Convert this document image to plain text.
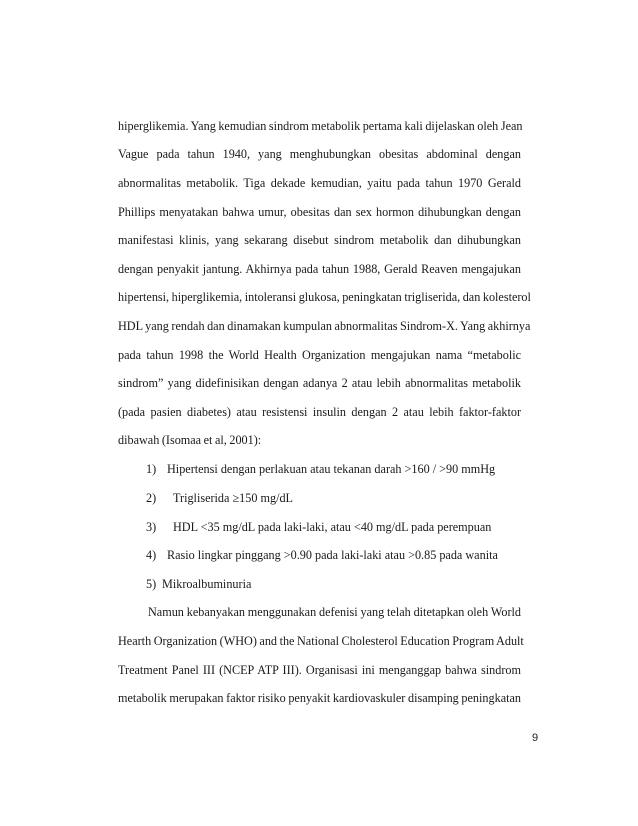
hiperglikemia. Yang kemudian sindrom metabolik pertama kali dijelaskan oleh Jean
Vague pada tahun 1940, yang menghubungkan obesitas abdominal dengan
abnormalitas metabolik. Tiga dekade kemudian, yaitu pada tahun 1970 Gerald
Phillips menyatakan bahwa umur, obesitas dan sex hormon dihubungkan dengan
manifestasi klinis, yang sekarang disebut sindrom metabolik dan dihubungkan
dengan penyakit jantung. Akhirnya pada tahun 1988, Gerald Reaven mengajukan
hipertensi, hiperglikemia, intoleransi glukosa, peningkatan trigliserida, dan kolesterol
HDL yang rendah dan dinamakan kumpulan abnormalitas Sindrom-X. Yang akhirnya
pada tahun 1998 the World Health Organization mengajukan nama “metabolic
sindrom” yang didefinisikan dengan adanya 2 atau lebih abnormalitas metabolik
(pada pasien diabetes) atau resistensi insulin dengan 2 atau lebih faktor-faktor
dibawah (Isomaa et al, 2001):
1) Hipertensi dengan perlakuan atau tekanan darah >160 / >90 mmHg
2) Trigliserida ≥150 mg/dL
3) HDL <35 mg/dL pada laki-laki, atau <40 mg/dL pada perempuan
4) Rasio lingkar pinggang >0.90 pada laki-laki atau >0.85 pada wanita
5) Mikroalbuminuria
Namun kebanyakan menggunakan defenisi yang telah ditetapkan oleh World
Hearth Organization (WHO) and the National Cholesterol Education Program Adult
Treatment Panel III (NCEP ATP III). Organisasi ini menganggap bahwa sindrom
metabolik merupakan faktor risiko penyakit kardiovaskuler disamping peningkatan
9
